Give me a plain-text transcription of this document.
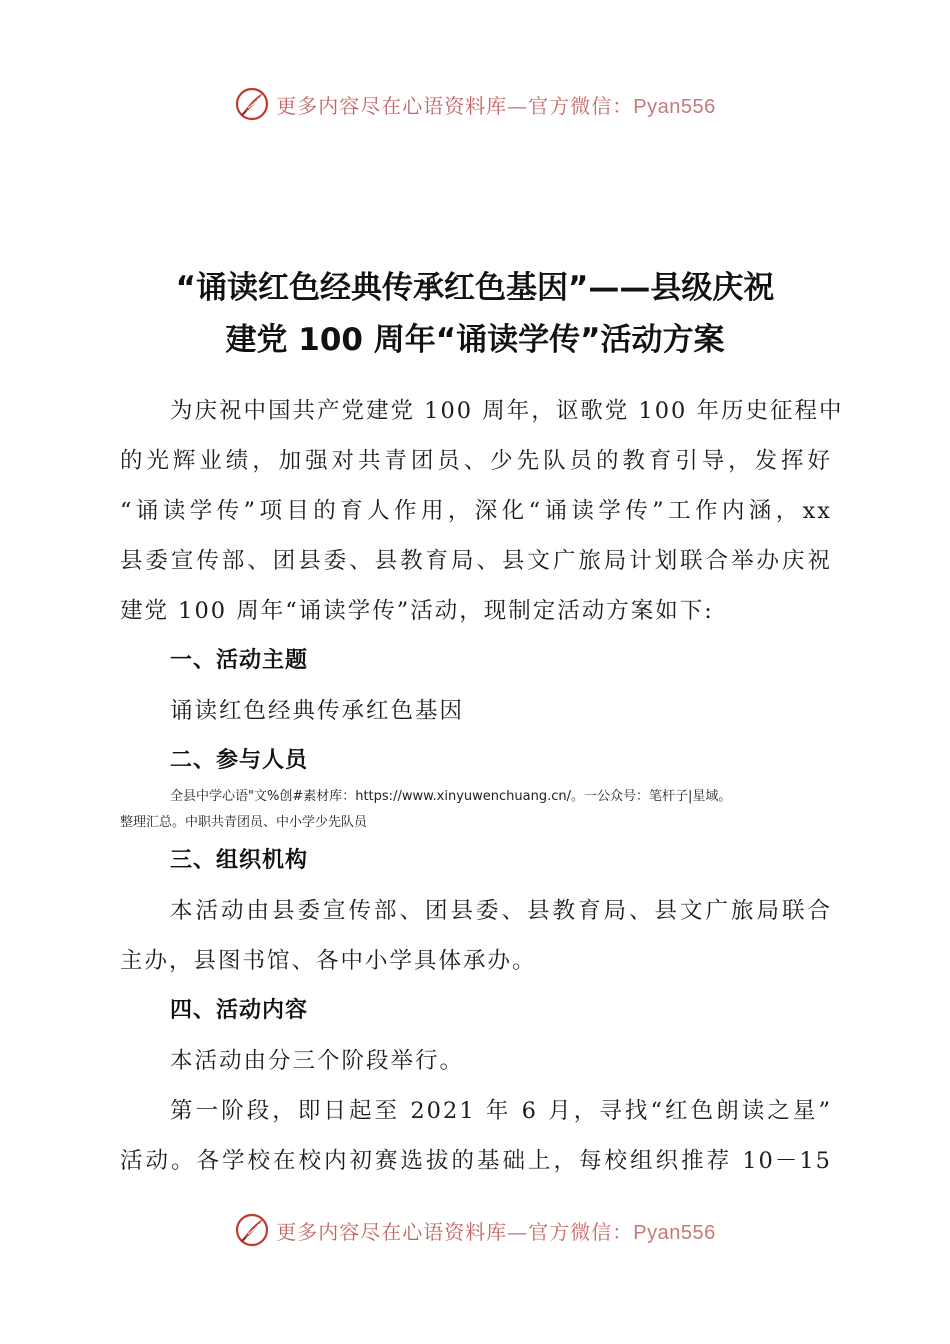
更多内容尽在心语资料库—官方微信：Pyan556
“诵读红色经典传承红色基因”——县级庆祝
建党 100 周年“诵读学传”活动方案
为庆祝中国共产党建党 100 周年，讴歌党 100 年历史征程中
的光辉业绩，加强对共青团员、少先队员的教育引导，发挥好
“诵读学传”项目的育人作用，深化“诵读学传”工作内涵，xx
县委宣传部、团县委、县教育局、县文广旅局计划联合举办庆祝
建党 100 周年“诵读学传”活动，现制定活动方案如下:
一、活动主题
诵读红色经典传承红色基因
二、参与人员
全县中学心语"文%创#素材库：https://www.xinyuwenchuang.cn/。一公众号：笔杆子|星域。
整理汇总。中职共青团员、中小学少先队员
三、组织机构
本活动由县委宣传部、团县委、县教育局、县文广旅局联合
主办，县图书馆、各中小学具体承办。
四、活动内容
本活动由分三个阶段举行。
第一阶段，即日起至 2021 年 6 月，寻找“红色朗读之星”
活动。各学校在校内初赛选拔的基础上，每校组织推荐 10－15
更多内容尽在心语资料库—官方微信：Pyan556
